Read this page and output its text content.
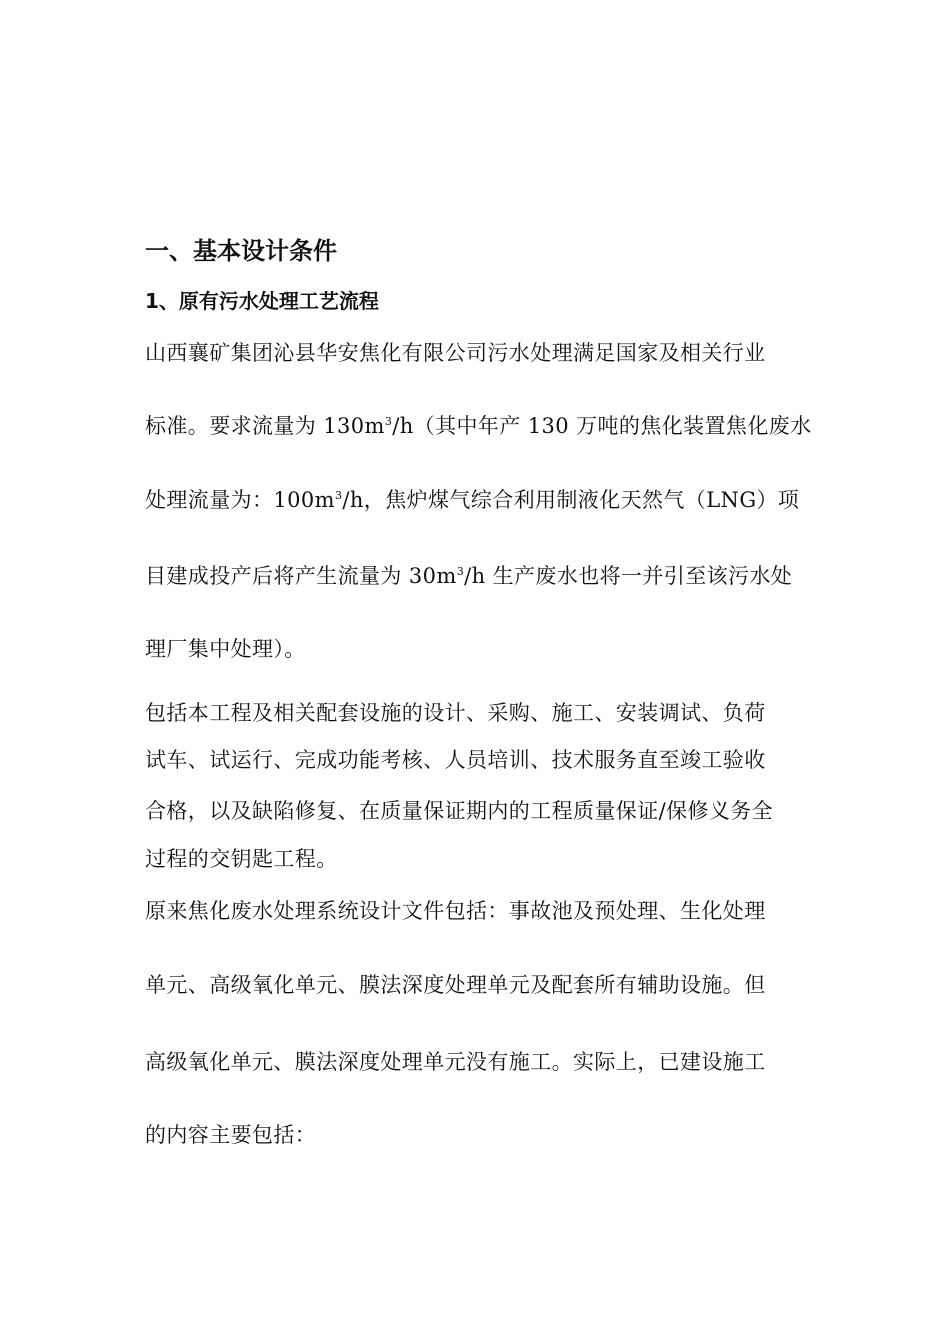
一、基本设计条件
1、原有污水处理工艺流程

山西襄矿集团沁县华安焦化有限公司污水处理满足国家及相关行业

标准。要求流量为 $130m^3/h$（其中年产 130 万吨的焦化装置焦化废水

处理流量为：$100m^3/h$，焦炉煤气综合利用制液化天然气（LNG）项

目建成投产后将产生流量为 $30m^3/h$ 生产废水也将一并引至该污水处

理厂集中处理）。

包括本工程及相关配套设施的设计、采购、施工、安装调试、负荷

试车、试运行、完成功能考核、人员培训、技术服务直至竣工验收

合格，以及缺陷修复、在质量保证期内的工程质量保证/保修义务全

过程的交钥匙工程。

原来焦化废水处理系统设计文件包括：事故池及预处理、生化处理

单元、高级氧化单元、膜法深度处理单元及配套所有辅助设施。但

高级氧化单元、膜法深度处理单元没有施工。实际上，已建设施工

的内容主要包括：
